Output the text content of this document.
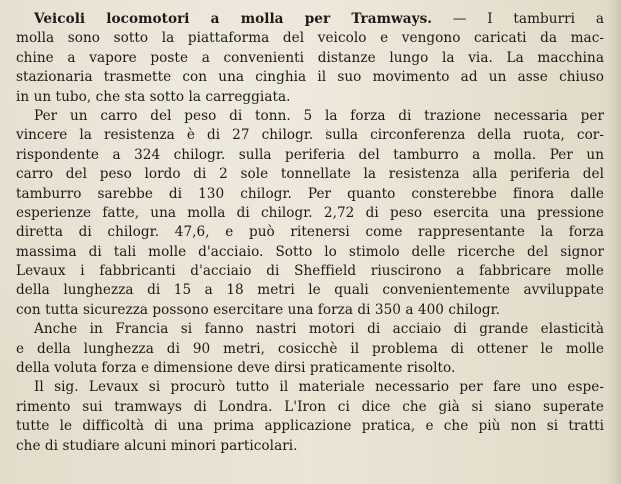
Veicoli locomotori a molla per Tramways. — I tamburri a
molla sono sotto la piattaforma del veicolo e vengono caricati da mac-
chine a vapore poste a convenienti distanze lungo la via. La macchina
stazionaria trasmette con una cinghia il suo movimento ad un asse chiuso
in un tubo, che sta sotto la carreggiata.
Per un carro del peso di tonn. 5 la forza di trazione necessaria per
vincere la resistenza è di 27 chilogr. sulla circonferenza della ruota, cor-
rispondente a 324 chilogr. sulla periferia del tamburro a molla. Per un
carro del peso lordo di 2 sole tonnellate la resistenza alla periferia del
tamburro sarebbe di 130 chilogr. Per quanto consterebbe finora dalle
esperienze fatte, una molla di chilogr. 2,72 di peso esercita una pressione
diretta di chilogr. 47,6, e può ritenersi come rappresentante la forza
massima di tali molle d'acciaio. Sotto lo stimolo delle ricerche del signor
Levaux i fabbricanti d'acciaio di Sheffield riuscirono a fabbricare molle
della lunghezza di 15 a 18 metri le quali convenientemente avviluppate
con tutta sicurezza possono esercitare una forza di 350 a 400 chilogr.
Anche in Francia si fanno nastri motori di acciaio di grande elasticità
e della lunghezza di 90 metri, cosicchè il problema di ottener le molle
della voluta forza e dimensione deve dirsi praticamente risolto.
Il sig. Levaux si procurò tutto il materiale necessario per fare uno espe-
rimento sui tramways di Londra. L'Iron ci dice che già si siano superate
tutte le difficoltà di una prima applicazione pratica, e che più non si tratti
che di studiare alcuni minori particolari.
